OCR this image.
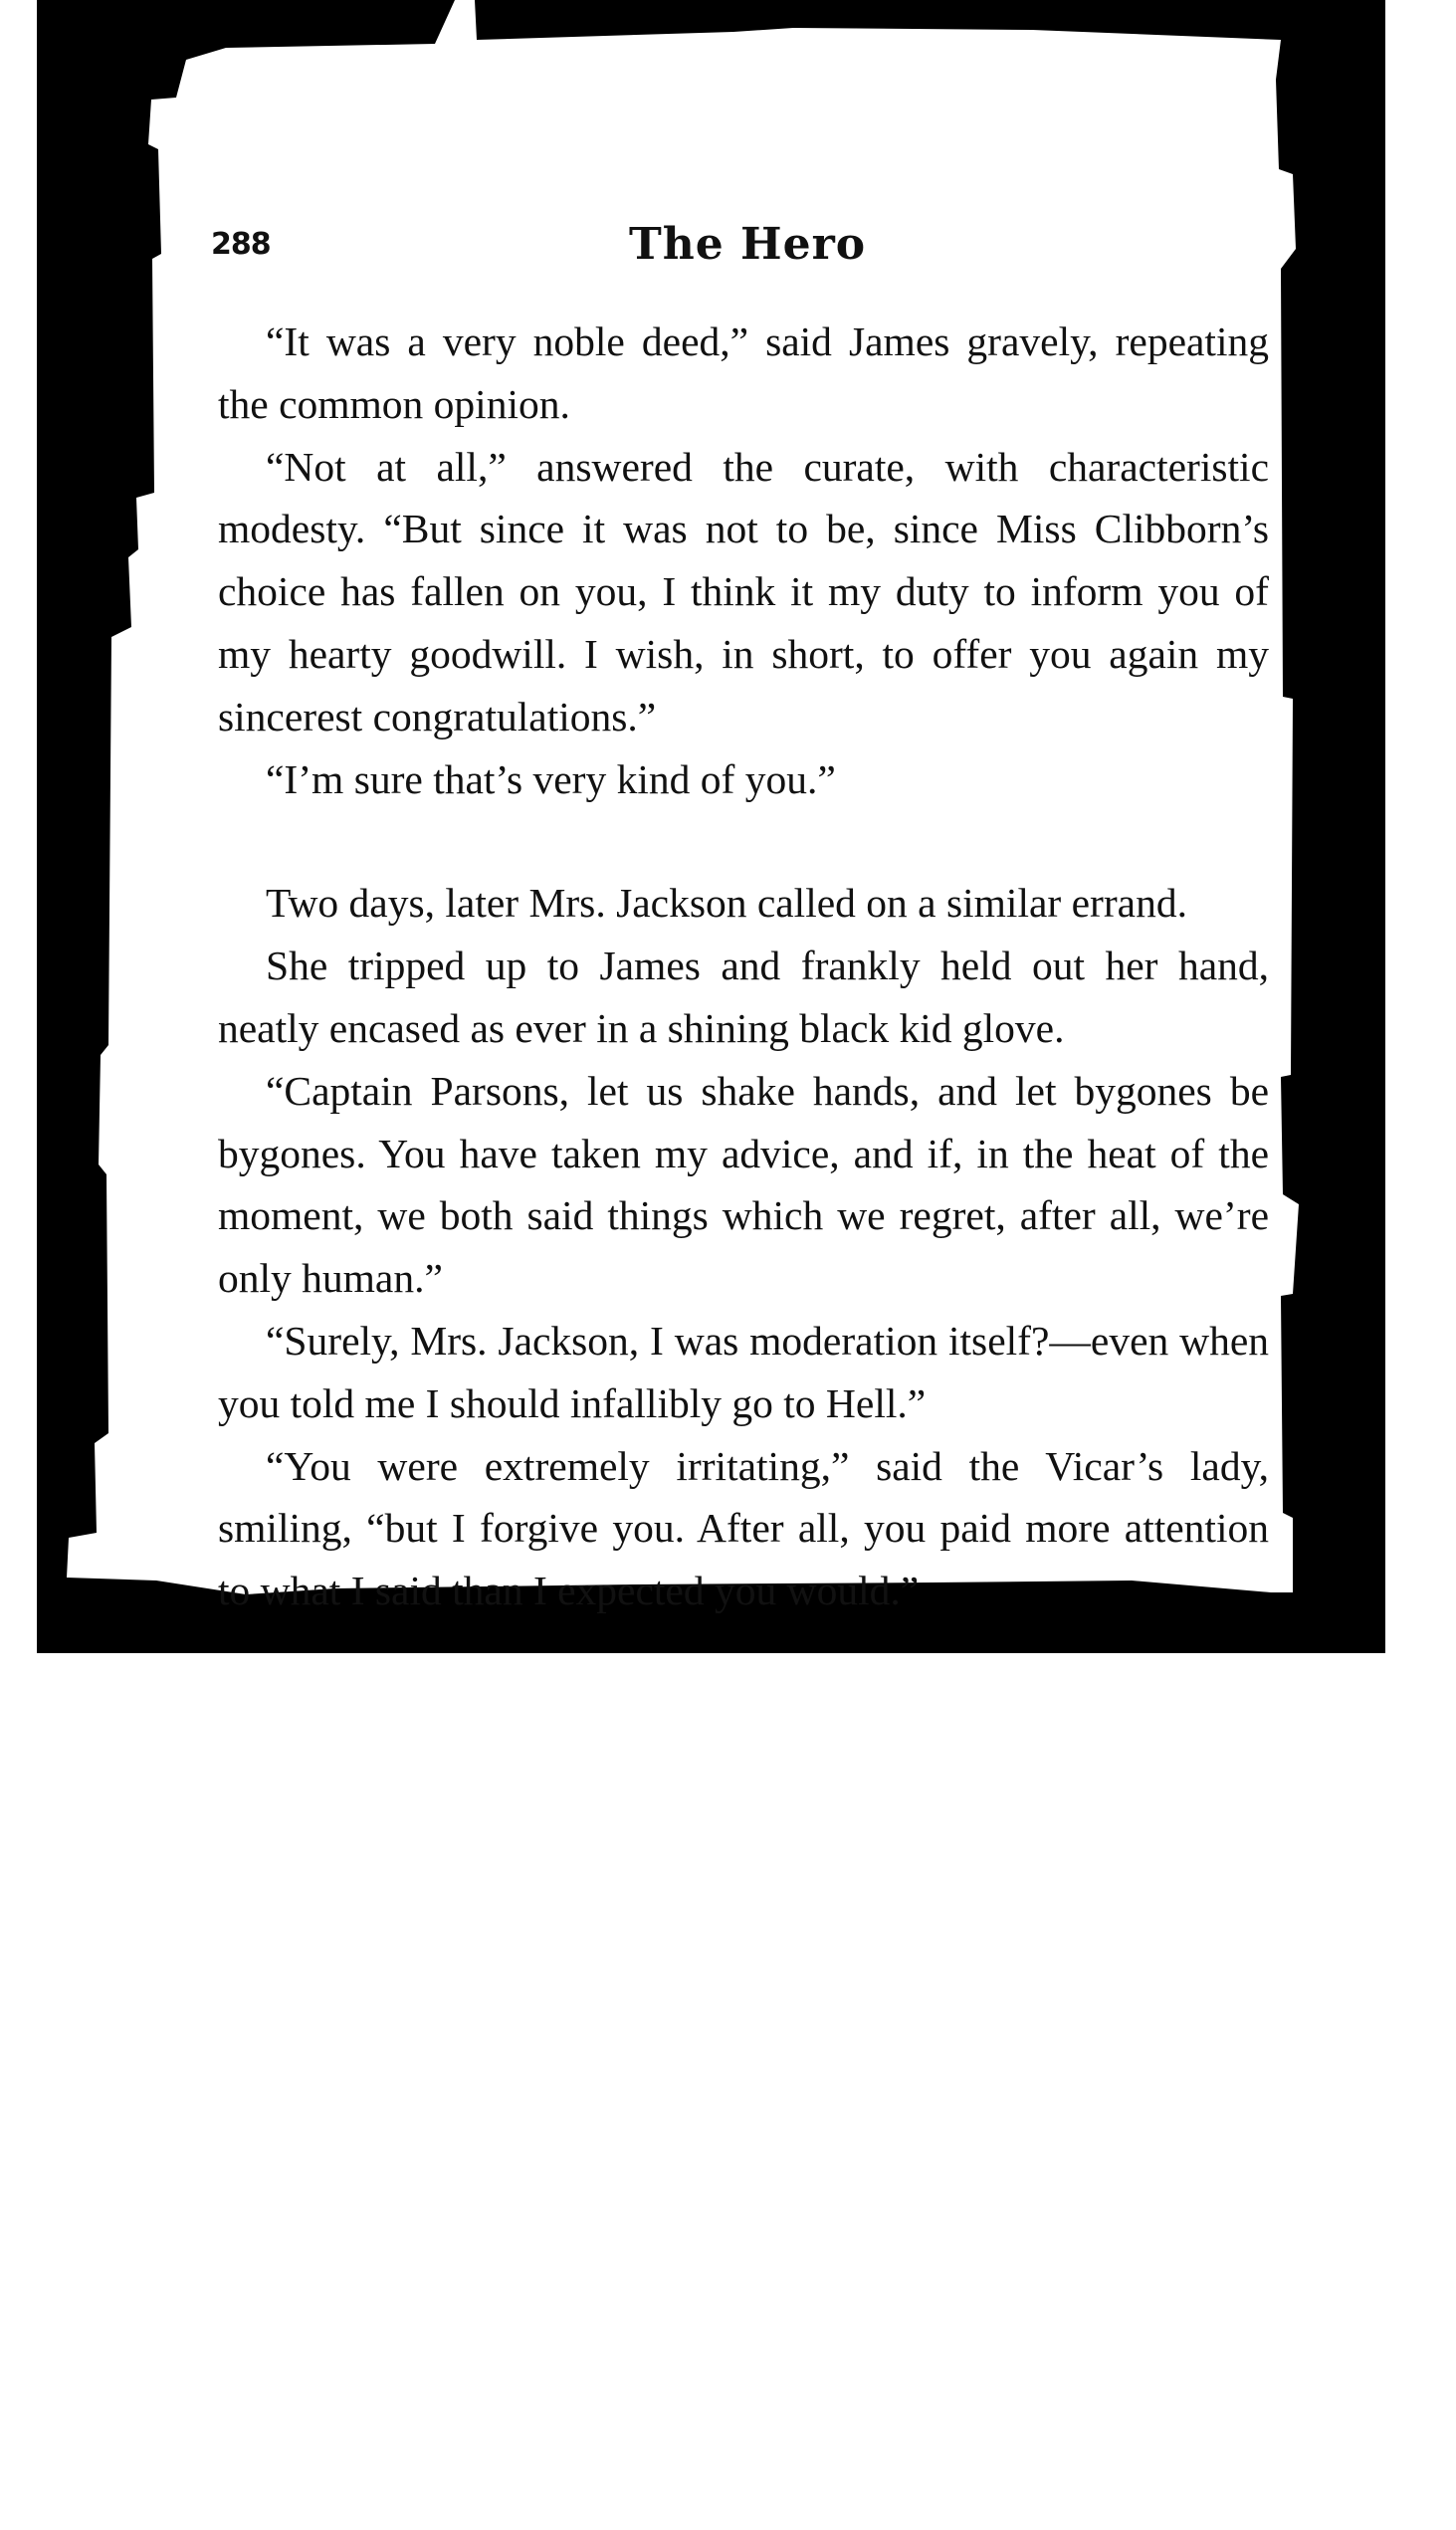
288	The Hero

“It was a very noble deed,” said James gravely, repeating the common opinion.

“Not at all,” answered the curate, with characteristic modesty. “But since it was not to be, since Miss Clibborn’s choice has fallen on you, I think it my duty to inform you of my hearty goodwill. I wish, in short, to offer you again my sincerest congratulations.”

“I’m sure that’s very kind of you.”

Two days, later Mrs. Jackson called on a similar errand.

She tripped up to James and frankly held out her hand, neatly encased as ever in a shining black kid glove.

“Captain Parsons, let us shake hands, and let bygones be bygones. You have taken my advice, and if, in the heat of the moment, we both said things which we regret, after all, we’re only human.”

“Surely, Mrs. Jackson, I was moderation itself?—even when you told me I should infallibly go to Hell.”

“You were extremely irritating,” said the Vicar’s lady, smiling, “but I forgive you. After all, you paid more attention to what I said than I expected you would.”
